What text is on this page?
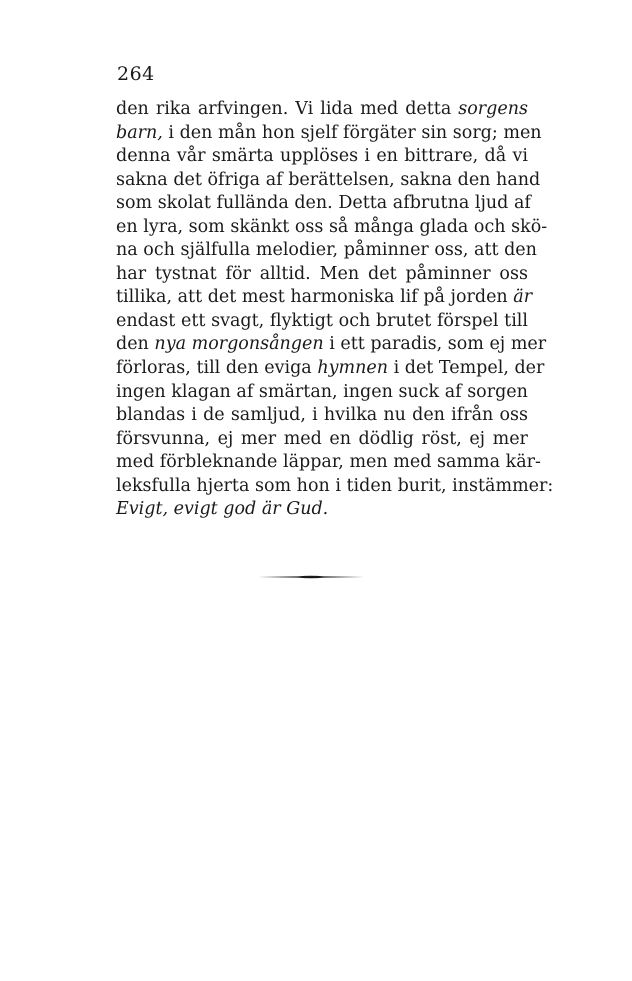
264
den rika arfvingen. Vi lida med detta sorgens
barn, i den mån hon sjelf förgäter sin sorg; men
denna vår smärta upplöses i en bittrare, då vi
sakna det öfriga af berättelsen, sakna den hand
som skolat fullända den. Detta afbrutna ljud af
en lyra, som skänkt oss så många glada och skö-
na och själfulla melodier, påminner oss, att den
har tystnat för alltid. Men det påminner oss
tillika, att det mest harmoniska lif på jorden är
endast ett svagt, flyktigt och brutet förspel till
den nya morgonsången i ett paradis, som ej mer
förloras, till den eviga hymnen i det Tempel, der
ingen klagan af smärtan, ingen suck af sorgen
blandas i de samljud, i hvilka nu den ifrån oss
försvunna, ej mer med en dödlig röst, ej mer
med förbleknande läppar, men med samma kär-
leksfulla hjerta som hon i tiden burit, instämmer:
Evigt, evigt god är Gud.
